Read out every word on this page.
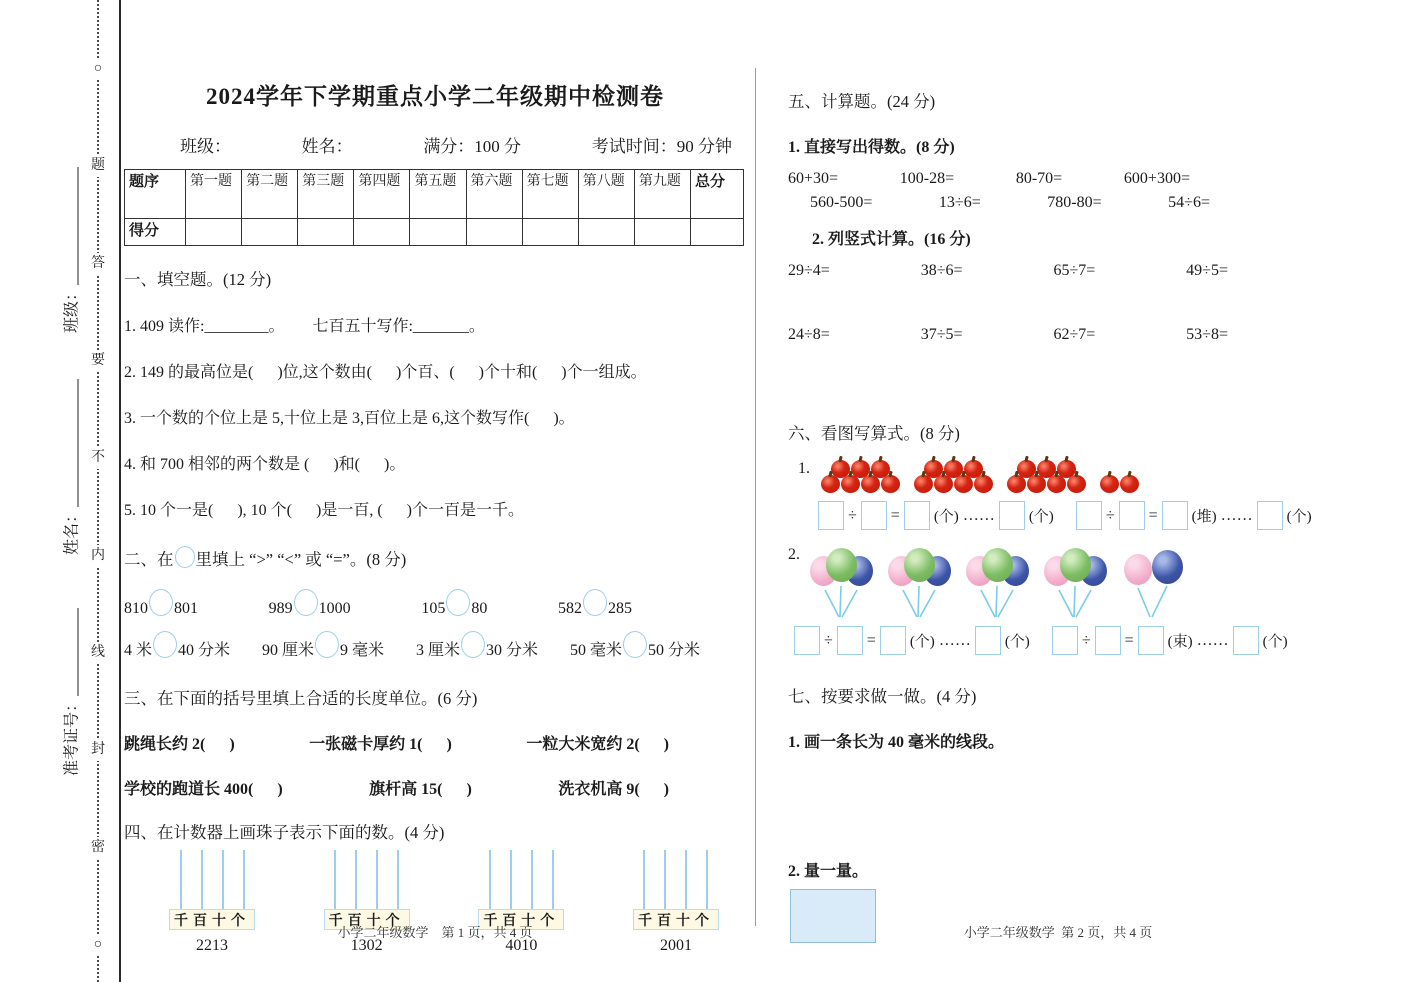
○
题
答
要
不
内
线
封
密
○
班级：
姓名：
准考证号：
2024学年下学期重点小学二年级期中检测卷
班级：	姓名：	满分：100 分	考试时间：90 分钟
题序	第一题	第二题	第三题	第四题	第五题	第六题	第七题	第八题	第九题	总分
得分										
一、填空题。(12 分)
1. 409 读作:________。       七百五十写作:_______。
2. 149 的最高位是(      )位,这个数由(      )个百、(      )个十和(      )个一组成。
3. 一个数的个位上是 5,十位上是 3,百位上是 6,这个数写作(      )。
4. 和 700 相邻的两个数是 (      )和(      )。
5. 10 个一是(      ), 10 个(      )是一百, (      )个一百是一千。
二、在 里填上 “>” “<” 或 “=”。(8 分)
810 801	989 1000	105 80	582 285
4 米 40 分米 90 厘米 9 毫米 3 厘米 30 分米 50 毫米 50 分米
三、在下面的括号里填上合适的长度单位。(6 分)
跳绳长约 2(      )	一张磁卡厚约 1(      )	一粒大米宽约 2(      )
学校的跑道长 400(      )	旗杆高 15(      )	洗衣机高 9(      )
四、在计数器上画珠子表示下面的数。(4 分)
千百十个
2213
千百十个
1302
千百十个
4010
千百十个
2001
小学二年级数学    第 1 页，共 4 页
五、计算题。(24 分)
1. 直接写出得数。(8 分)
60+30=	100-28=	80-70=	600+300=
560-500=	13÷6=	780-80=	54÷6=
2. 列竖式计算。(16 分)
29÷4=	38÷6=	65÷7=	49÷5=
24÷8=	37÷5=	62÷7=	53÷8=
六、看图写算式。(8 分)
1.
÷ = (个) …… (个)	÷ = (堆) …… (个)
2.
÷ = (个) …… (个)	÷ = (束) …… (个)
七、按要求做一做。(4 分)
1. 画一条长为 40 毫米的线段。
2. 量一量。
小学二年级数学  第 2 页，共 4 页
